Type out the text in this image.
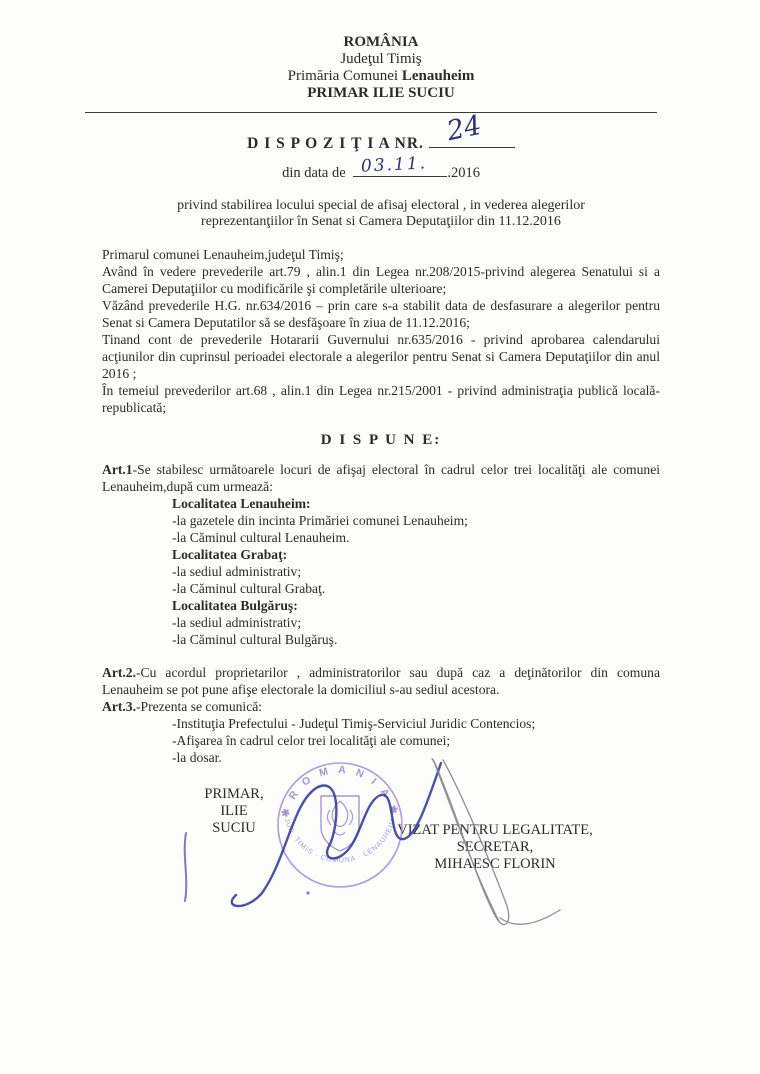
ROMÂNIA
Judeţul Timiş
Primăria Comunei Lenauheim
PRIMAR ILIE SUCIU
D I S P O Z I Ţ I A NR. 24
din data de 03.11. .2016
privind stabilirea locului special de afisaj electoral , in vederea alegerilor
reprezentanţiilor în Senat si Camera Deputaţiilor din 11.12.2016

Primarul comunei Lenauheim,judeţul Timiş;

Având în vedere prevederile art.79 , alin.1 din Legea nr.208/2015-privind alegerea Senatului si a Camerei Deputaţiilor cu modificările şi completările ulterioare;

Văzând prevederile H.G. nr.634/2016 – prin care s-a stabilit data de desfasurare a alegerilor pentru Senat si Camera Deputatilor să se desfăşoare în ziua de 11.12.2016;

Tinand cont de prevederile Hotararii Guvernului nr.635/2016 - privind aprobarea calendarului acţiunilor din cuprinsul perioadei electorale a alegerilor pentru Senat si Camera Deputaţiilor din anul 2016 ;

În temeiul prevederilor art.68 , alin.1 din Legea nr.215/2001 - privind administraţia publică locală-republicată;

D I S P U N E:

Art.1-Se stabilesc următoarele locuri de afişaj electoral în cadrul celor trei localităţi ale comunei Lenauheim,după cum urmează:

Localitatea Lenauheim:
-la gazetele din incinta Primăriei comunei Lenauheim;
-la Căminul cultural Lenauheim.
Localitatea Grabaţ:
-la sediul administrativ;
-la Căminul cultural Grabaţ.
Localitatea Bulgăruş:
-la sediul administrativ;
-la Căminul cultural Bulgăruş.

Art.2.-Cu acordul proprietarilor , administratorilor sau după caz a deţinătorilor din comuna Lenauheim se pot pune afişe electorale la domiciliul s-au sediul acestora.

Art.3.-Prezenta se comunică:

-Instituţia Prefectului - Judeţul Timiş-Serviciul Juridic Contencios;
-Afişarea în cadrul celor trei localităţi ale comunei;
-la dosar.
PRIMAR,
ILIE SUCIU	VIZAT PENTRU LEGALITATE,
SECRETAR,
MIHAESC FLORIN
✱ R O M A N I A ✱
JUD. TIMIS · COMUNA · LENAUHEIM
